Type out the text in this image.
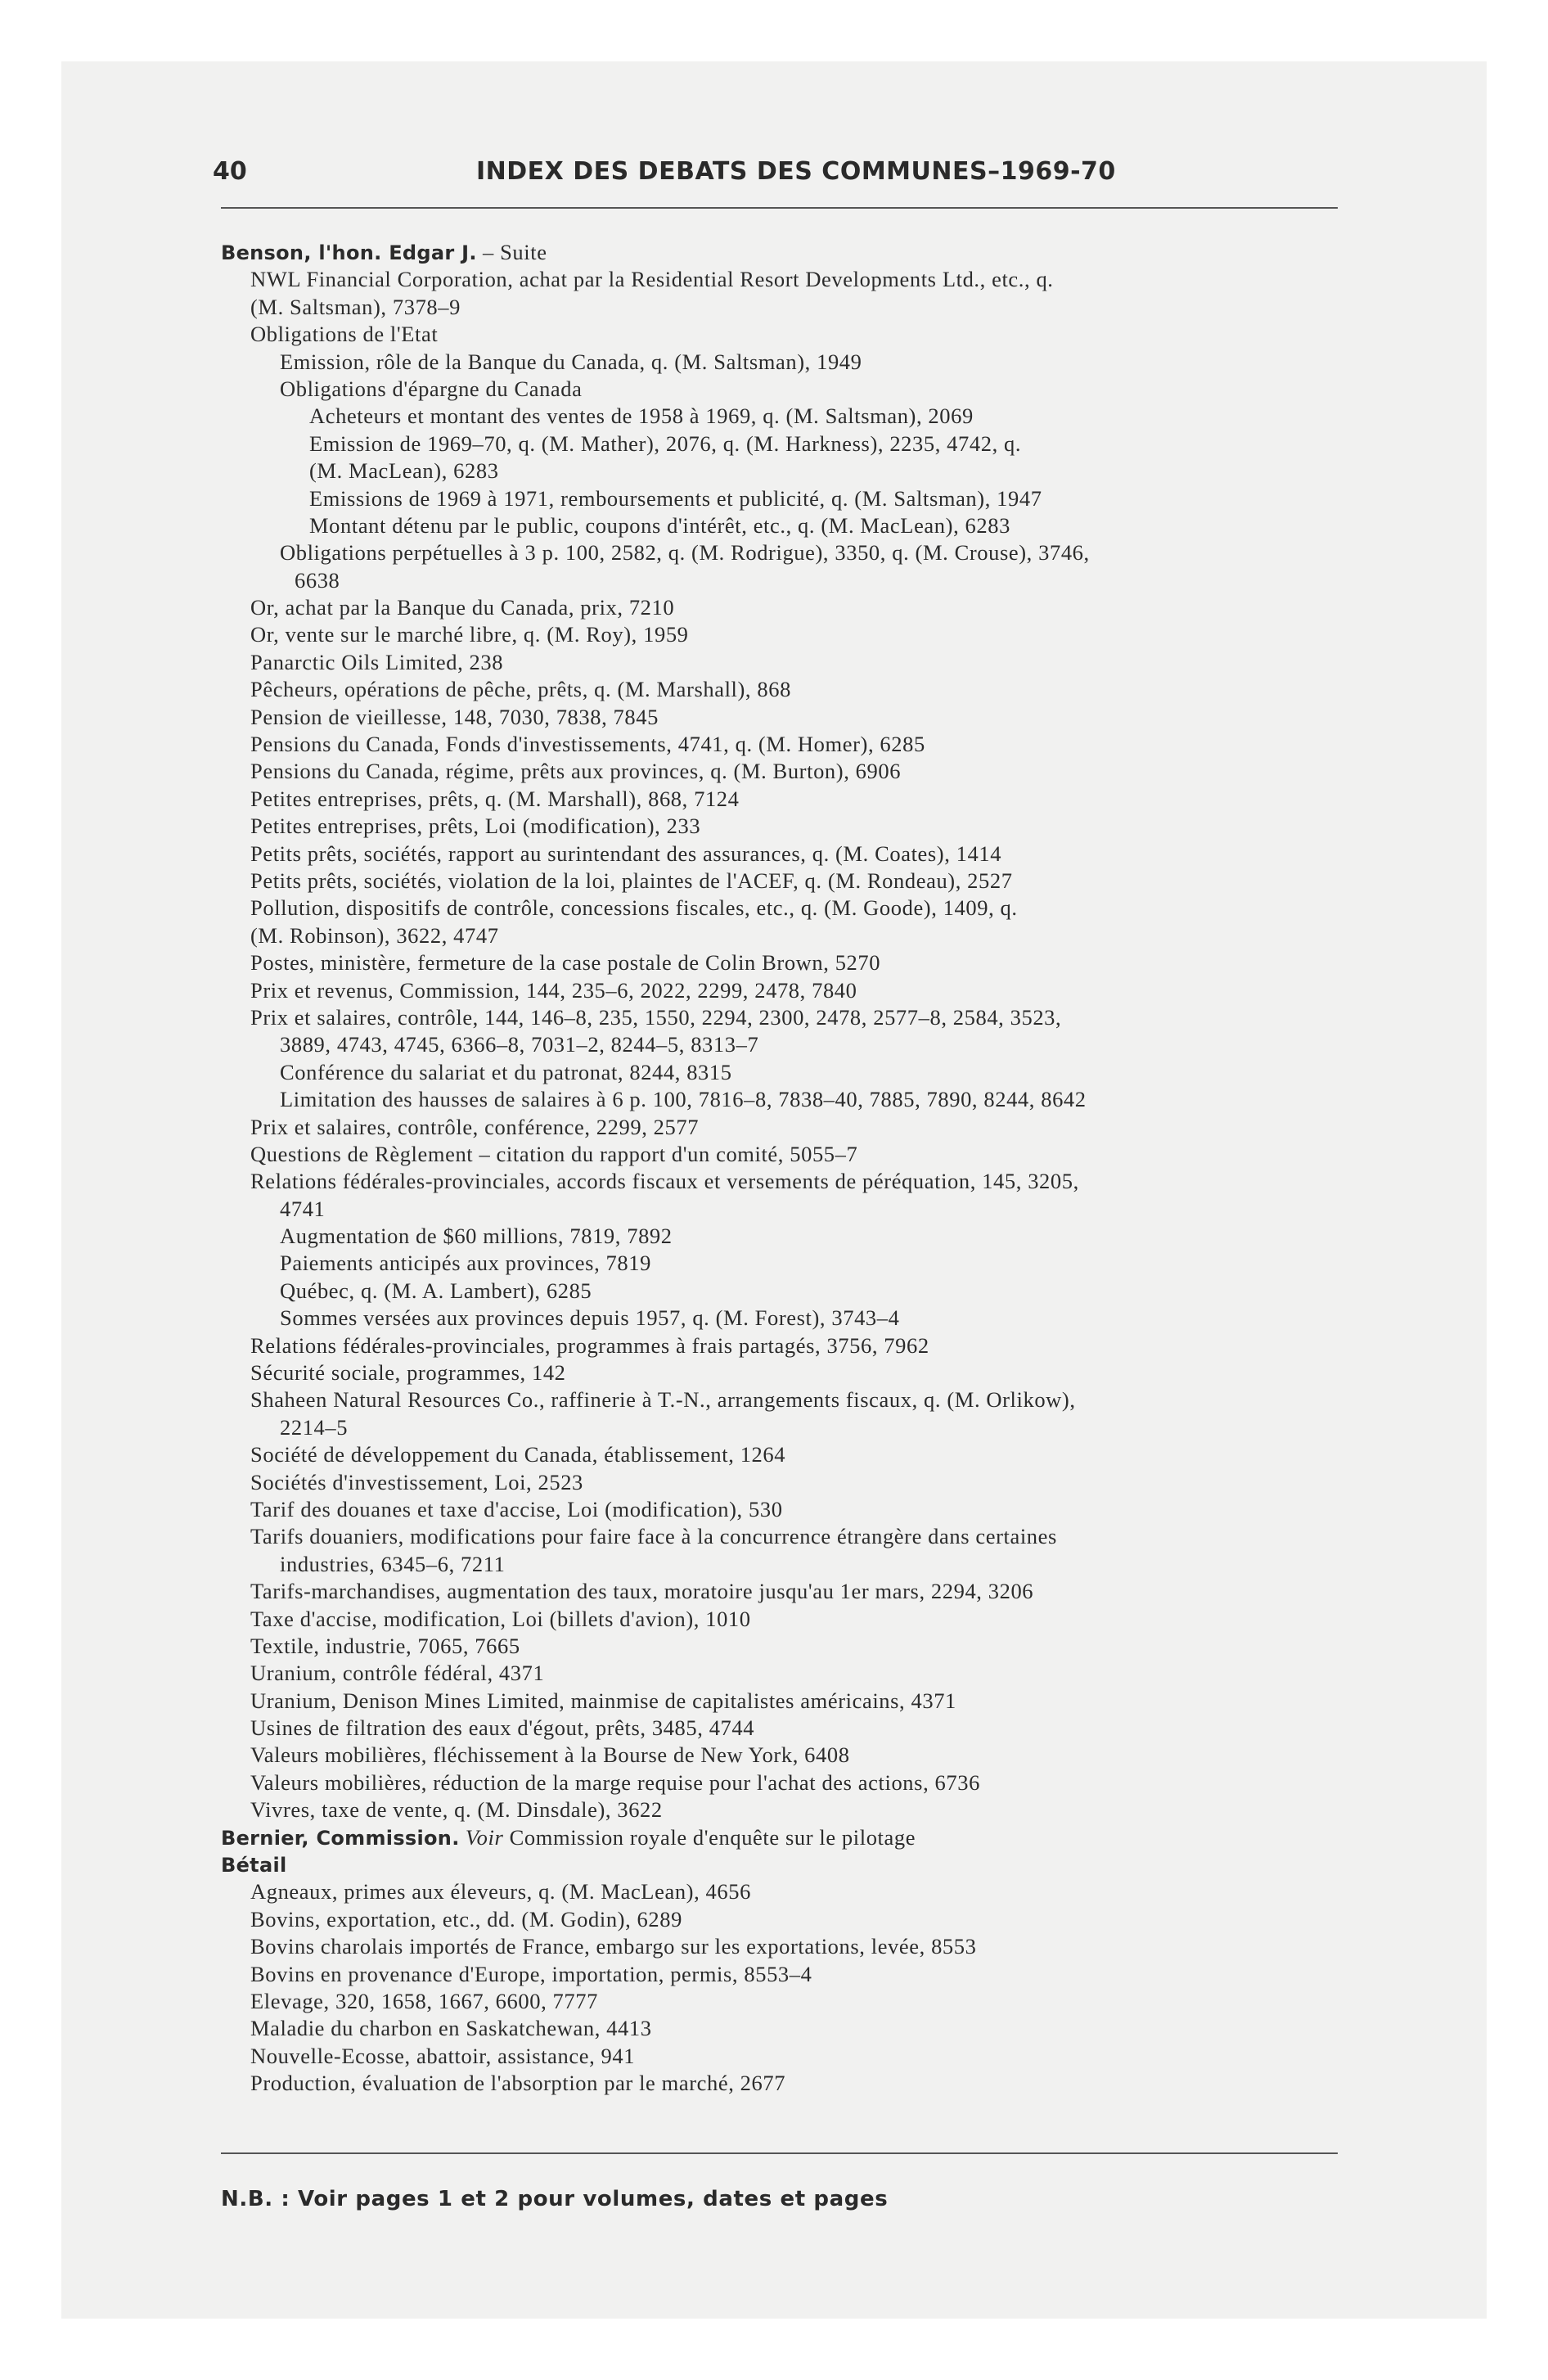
40	INDEX DES DEBATS DES COMMUNES–1969-70
Benson, l'hon. Edgar J. – Suite
NWL Financial Corporation, achat par la Residential Resort Developments Ltd., etc., q.
(M. Saltsman), 7378–9
Obligations de l'Etat
Emission, rôle de la Banque du Canada, q. (M. Saltsman), 1949
Obligations d'épargne du Canada
Acheteurs et montant des ventes de 1958 à 1969, q. (M. Saltsman), 2069
Emission de 1969–70, q. (M. Mather), 2076, q. (M. Harkness), 2235, 4742, q.
(M. MacLean), 6283
Emissions de 1969 à 1971, remboursements et publicité, q. (M. Saltsman), 1947
Montant détenu par le public, coupons d'intérêt, etc., q. (M. MacLean), 6283
Obligations perpétuelles à 3 p. 100, 2582, q. (M. Rodrigue), 3350, q. (M. Crouse), 3746,
6638
Or, achat par la Banque du Canada, prix, 7210
Or, vente sur le marché libre, q. (M. Roy), 1959
Panarctic Oils Limited, 238
Pêcheurs, opérations de pêche, prêts, q. (M. Marshall), 868
Pension de vieillesse, 148, 7030, 7838, 7845
Pensions du Canada, Fonds d'investissements, 4741, q. (M. Homer), 6285
Pensions du Canada, régime, prêts aux provinces, q. (M. Burton), 6906
Petites entreprises, prêts, q. (M. Marshall), 868, 7124
Petites entreprises, prêts, Loi (modification), 233
Petits prêts, sociétés, rapport au surintendant des assurances, q. (M. Coates), 1414
Petits prêts, sociétés, violation de la loi, plaintes de l'ACEF, q. (M. Rondeau), 2527
Pollution, dispositifs de contrôle, concessions fiscales, etc., q. (M. Goode), 1409, q.
(M. Robinson), 3622, 4747
Postes, ministère, fermeture de la case postale de Colin Brown, 5270
Prix et revenus, Commission, 144, 235–6, 2022, 2299, 2478, 7840
Prix et salaires, contrôle, 144, 146–8, 235, 1550, 2294, 2300, 2478, 2577–8, 2584, 3523,
3889, 4743, 4745, 6366–8, 7031–2, 8244–5, 8313–7
Conférence du salariat et du patronat, 8244, 8315
Limitation des hausses de salaires à 6 p. 100, 7816–8, 7838–40, 7885, 7890, 8244, 8642
Prix et salaires, contrôle, conférence, 2299, 2577
Questions de Règlement – citation du rapport d'un comité, 5055–7
Relations fédérales-provinciales, accords fiscaux et versements de péréquation, 145, 3205,
4741
Augmentation de $60 millions, 7819, 7892
Paiements anticipés aux provinces, 7819
Québec, q. (M. A. Lambert), 6285
Sommes versées aux provinces depuis 1957, q. (M. Forest), 3743–4
Relations fédérales-provinciales, programmes à frais partagés, 3756, 7962
Sécurité sociale, programmes, 142
Shaheen Natural Resources Co., raffinerie à T.-N., arrangements fiscaux, q. (M. Orlikow),
2214–5
Société de développement du Canada, établissement, 1264
Sociétés d'investissement, Loi, 2523
Tarif des douanes et taxe d'accise, Loi (modification), 530
Tarifs douaniers, modifications pour faire face à la concurrence étrangère dans certaines
industries, 6345–6, 7211
Tarifs-marchandises, augmentation des taux, moratoire jusqu'au 1er mars, 2294, 3206
Taxe d'accise, modification, Loi (billets d'avion), 1010
Textile, industrie, 7065, 7665
Uranium, contrôle fédéral, 4371
Uranium, Denison Mines Limited, mainmise de capitalistes américains, 4371
Usines de filtration des eaux d'égout, prêts, 3485, 4744
Valeurs mobilières, fléchissement à la Bourse de New York, 6408
Valeurs mobilières, réduction de la marge requise pour l'achat des actions, 6736
Vivres, taxe de vente, q. (M. Dinsdale), 3622
Bernier, Commission. Voir Commission royale d'enquête sur le pilotage
Bétail
Agneaux, primes aux éleveurs, q. (M. MacLean), 4656
Bovins, exportation, etc., dd. (M. Godin), 6289
Bovins charolais importés de France, embargo sur les exportations, levée, 8553
Bovins en provenance d'Europe, importation, permis, 8553–4
Elevage, 320, 1658, 1667, 6600, 7777
Maladie du charbon en Saskatchewan, 4413
Nouvelle-Ecosse, abattoir, assistance, 941
Production, évaluation de l'absorption par le marché, 2677
N.B. : Voir pages 1 et 2 pour volumes, dates et pages
